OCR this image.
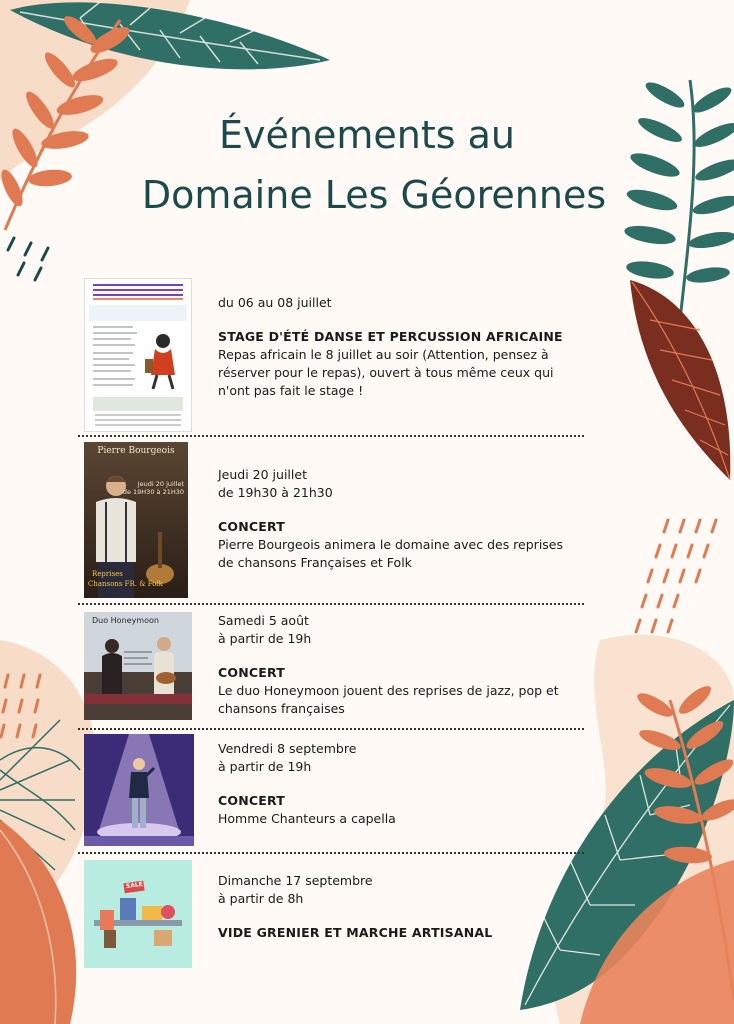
Événements au
Domaine Les Géorennes

du 06 au 08 juillet

STAGE D'ÉTÉ DANSE ET PERCUSSION AFRICAINE

Repas africain le 8 juillet au soir (Attention, pensez à réserver pour le repas), ouvert à tous même ceux qui n'ont pas fait le stage !

Pierre Bourgeois
Jeudi 20 juillet
de 19H30 à 21H30
Reprises
Chansons FR. & Folk

Jeudi 20 juillet

de 19h30 à 21h30

CONCERT

Pierre Bourgeois animera le domaine avec des reprises de chansons Françaises et Folk

Duo Honeymoon	Samedi 5 août

à partir de 19h

CONCERT

Le duo Honeymoon jouent des reprises de jazz, pop et chansons françaises

Vendredi 8 septembre

à partir de 19h

CONCERT

Homme Chanteurs a capella

SALE	Dimanche 17 septembre

à partir de 8h

VIDE GRENIER ET MARCHE ARTISANAL
